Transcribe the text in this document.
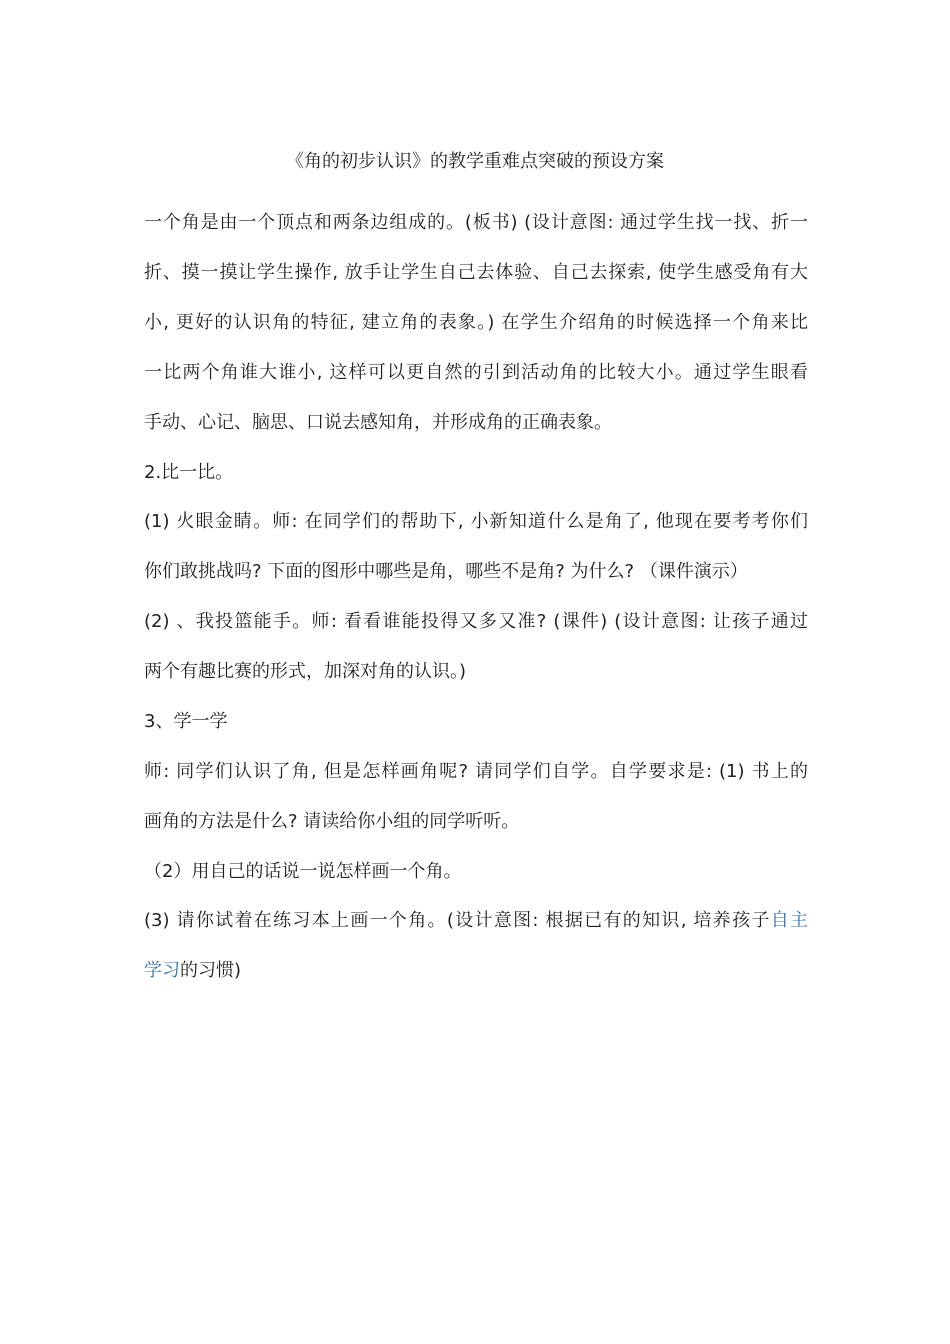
《角的初步认识》的教学重难点突破的预设方案
一个角是由一个顶点和两条边组成的。(板书) (设计意图: 通过学生找一找、折一
折、摸一摸让学生操作, 放手让学生自己去体验、自己去探索, 使学生感受角有大
小, 更好的认识角的特征, 建立角的表象。) 在学生介绍角的时候选择一个角来比
一比两个角谁大谁小, 这样可以更自然的引到活动角的比较大小。通过学生眼看
手动、心记、脑思、口说去感知角，并形成角的正确表象。
2.比一比。
(1) 火眼金睛。师: 在同学们的帮助下, 小新知道什么是角了, 他现在要考考你们
你们敢挑战吗? 下面的图形中哪些是角，哪些不是角? 为什么? （课件演示）
(2) 、我投篮能手。师: 看看谁能投得又多又准? (课件) (设计意图: 让孩子通过
两个有趣比赛的形式，加深对角的认识。)
3、学一学
师: 同学们认识了角, 但是怎样画角呢? 请同学们自学。自学要求是: (1) 书上的
画角的方法是什么? 请读给你小组的同学听听。
（2）用自己的话说一说怎样画一个角。
(3) 请你试着在练习本上画一个角。(设计意图: 根据已有的知识, 培养孩子自主
学习的习惯)
